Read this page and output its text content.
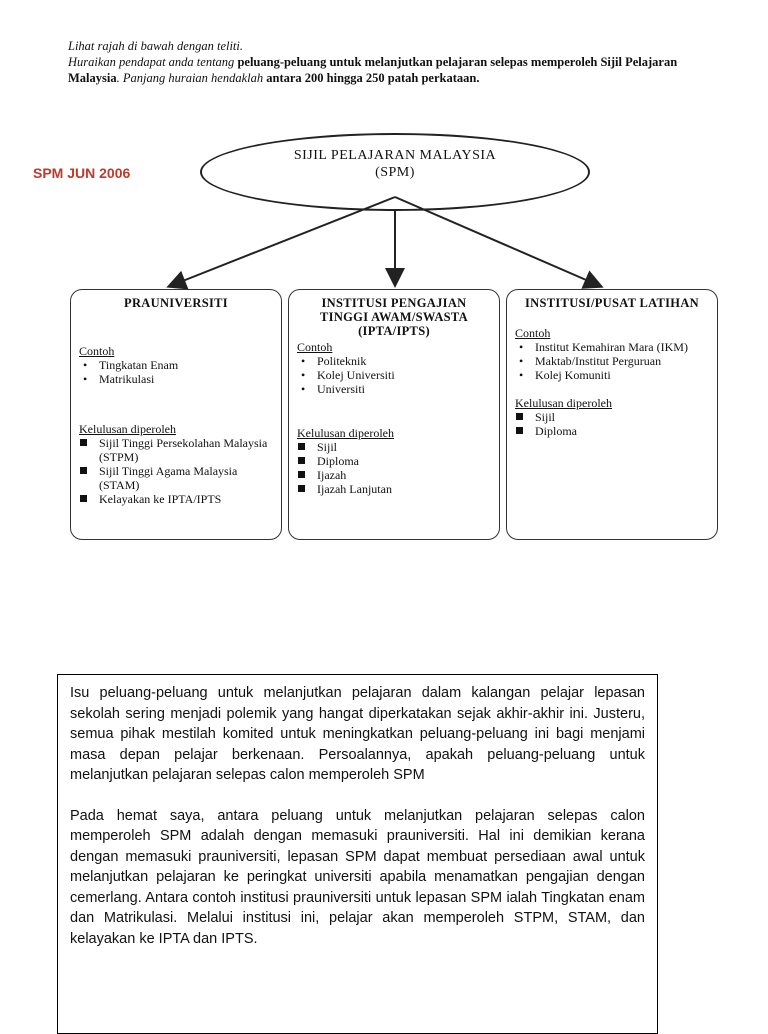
Lihat rajah di bawah dengan teliti.
Huraikan pendapat anda tentang peluang-peluang untuk melanjutkan pelajaran selepas memperoleh Sijil Pelajaran Malaysia. Panjang huraian hendaklah antara 200 hingga 250 patah perkataan.
SPM JUN 2006
SIJIL PELAJARAN MALAYSIA
(SPM)
PRAUNIVERSITI
Contoh
• Tingkatan Enam
• Matrikulasi
Kelulusan diperoleh
Sijil Tinggi Persekolahan Malaysia (STPM)
Sijil Tinggi Agama Malaysia (STAM)
Kelayakan ke IPTA/IPTS
INSTITUSI PENGAJIAN TINGGI AWAM/SWASTA (IPTA/IPTS)
Contoh
• Politeknik
• Kolej Universiti
• Universiti
Kelulusan diperoleh
Sijil
Diploma
Ijazah
Ijazah Lanjutan
INSTITUSI/PUSAT LATIHAN
Contoh
• Institut Kemahiran Mara (IKM)
• Maktab/Institut Perguruan
• Kolej Komuniti
Kelulusan diperoleh
Sijil
Diploma

Isu peluang-peluang untuk melanjutkan pelajaran dalam kalangan pelajar lepasan sekolah sering menjadi polemik yang hangat diperkatakan sejak akhir-akhir ini. Justeru, semua pihak mestilah komited untuk meningkatkan peluang-peluang ini bagi menjami masa depan pelajar berkenaan. Persoalannya, apakah peluang-peluang untuk melanjutkan pelajaran selepas calon memperoleh SPM

Pada hemat saya, antara peluang untuk melanjutkan pelajaran selepas calon memperoleh SPM adalah dengan memasuki prauniversiti. Hal ini demikian kerana dengan memasuki prauniversiti, lepasan SPM dapat membuat persediaan awal untuk melanjutkan pelajaran ke peringkat universiti apabila menamatkan pengajian dengan cemerlang. Antara contoh institusi prauniversiti untuk lepasan SPM ialah Tingkatan enam dan Matrikulasi. Melalui institusi ini, pelajar akan memperoleh STPM, STAM, dan kelayakan ke IPTA dan IPTS.
